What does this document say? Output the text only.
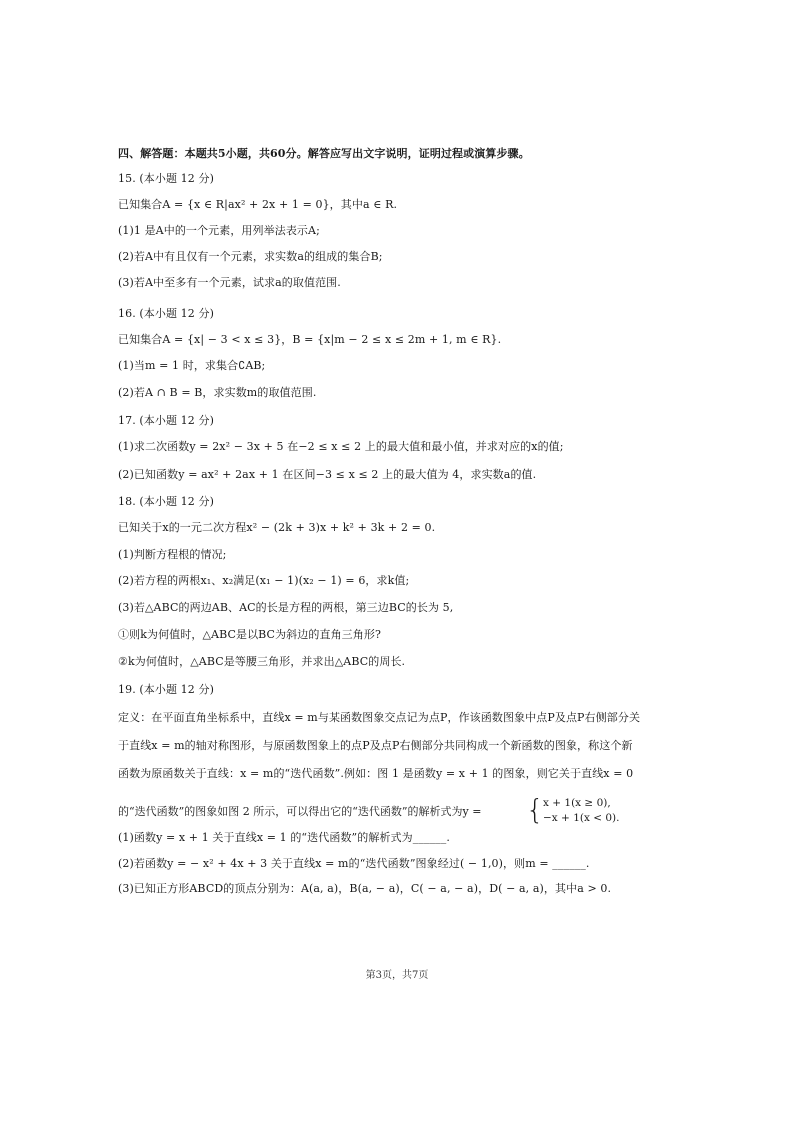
四、解答题：本题共5小题，共60分。解答应写出文字说明，证明过程或演算步骤。
15. (本小题 12 分)
已知集合A = {x ∈ R|ax² + 2x + 1 = 0}，其中a ∈ R.
(1)1 是A中的一个元素，用列举法表示A;
(2)若A中有且仅有一个元素，求实数a的组成的集合B;
(3)若A中至多有一个元素，试求a的取值范围.
16. (本小题 12 分)
已知集合A = {x| − 3 < x ≤ 3}，B = {x|m − 2 ≤ x ≤ 2m + 1, m ∈ R}.
(1)当m = 1 时，求集合∁AB;
(2)若A ∩ B = B，求实数m的取值范围.
17. (本小题 12 分)
(1)求二次函数y = 2x² − 3x + 5 在−2 ≤ x ≤ 2 上的最大值和最小值，并求对应的x的值;
(2)已知函数y = ax² + 2ax + 1 在区间−3 ≤ x ≤ 2 上的最大值为 4，求实数a的值.
18. (本小题 12 分)
已知关于x的一元二次方程x² − (2k + 3)x + k² + 3k + 2 = 0.
(1)判断方程根的情况;
(2)若方程的两根x₁、x₂满足(x₁ − 1)(x₂ − 1) = 6，求k值;
(3)若△ABC的两边AB、AC的长是方程的两根，第三边BC的长为 5,
①则k为何值时，△ABC是以BC为斜边的直角三角形?
②k为何值时，△ABC是等腰三角形，并求出△ABC的周长.
19. (本小题 12 分)
定义：在平面直角坐标系中，直线x = m与某函数图象交点记为点P，作该函数图象中点P及点P右侧部分关
于直线x = m的轴对称图形，与原函数图象上的点P及点P右侧部分共同构成一个新函数的图象，称这个新
函数为原函数关于直线：x = m的“迭代函数”.例如：图 1 是函数y = x + 1 的图象，则它关于直线x = 0
的“迭代函数”的图象如图 2 所示，可以得出它的“迭代函数”的解析式为y = { x + 1(x ≥ 0),
−x + 1(x < 0).
(1)函数y = x + 1 关于直线x = 1 的“迭代函数”的解析式为______.
(2)若函数y = − x² + 4x + 3 关于直线x = m的“迭代函数”图象经过( − 1,0)，则m = ______.
(3)已知正方形ABCD的顶点分别为：A(a, a)，B(a, − a)，C( − a, − a)，D( − a, a)，其中a > 0.
第3页，共7页
